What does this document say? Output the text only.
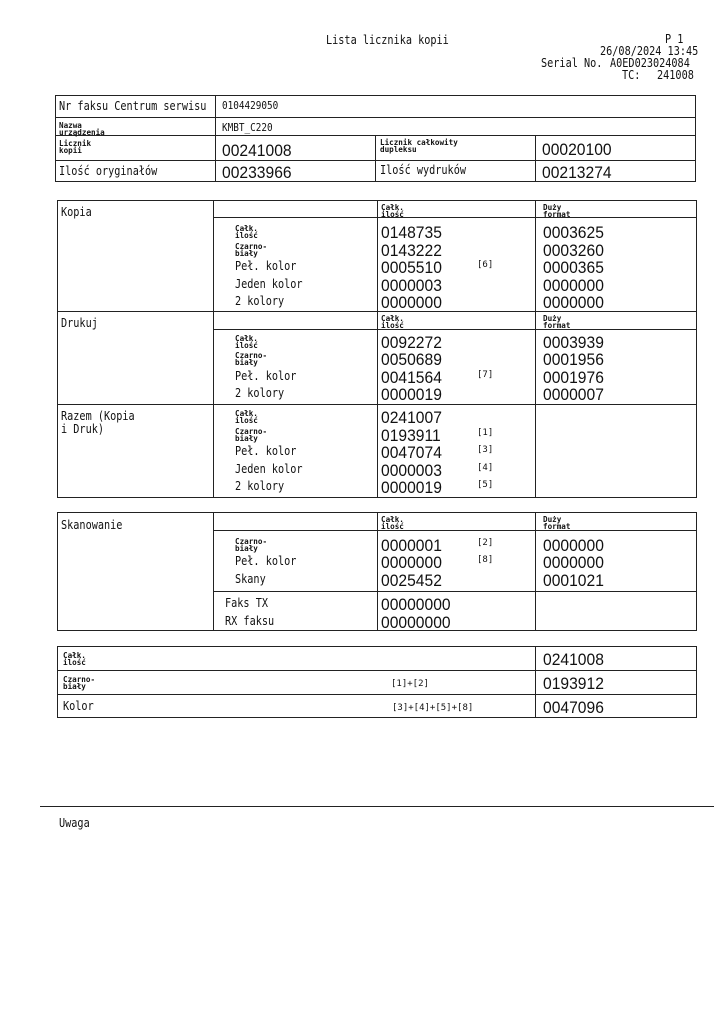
Lista licznika kopii	P 1
26/08/2024 13:45
Serial No. A0ED023024084
TC: 241008
Nr faksu Centrum serwisu 0104429050
Nazwa urządzenia	KMBT_C220
Licznik kopii	00241008	Licznik całkowity dupleksu	00020100
Ilość oryginałów	00233966	Ilość wydruków	00213274
Całk. ilość
Duży format
Kopia
Całk. ilość	0148735	0003625
Czarno-biały	0143222	0003260
Peł. kolor	0005510	[6]	0000365
Jeden kolor	0000003	0000000
2 kolory	0000000	0000000
Całk. ilość
Duży format
Drukuj
Całk. ilość	0092272	0003939
Czarno-biały	0050689	0001956
Peł. kolor	0041564	[7]	0001976
2 kolory	0000019	0000007
Razem (Kopia i Druk)
Całk. ilość	0241007
Czarno-biały	0193911	[1]
Peł. kolor	0047074	[3]
Jeden kolor	0000003	[4]
2 kolory	0000019	[5]
Całk. ilość
Duży format
Skanowanie
Czarno-biały	0000001	[2]	0000000
Peł. kolor	0000000	[8]	0000000
Skany	0025452	0001021
Faks TX	00000000
RX faksu	00000000
Całk. ilość	0241008
Czarno-biały	[1]+[2]	0193912
Kolor	[3]+[4]+[5]+[8]	0047096
Uwaga
